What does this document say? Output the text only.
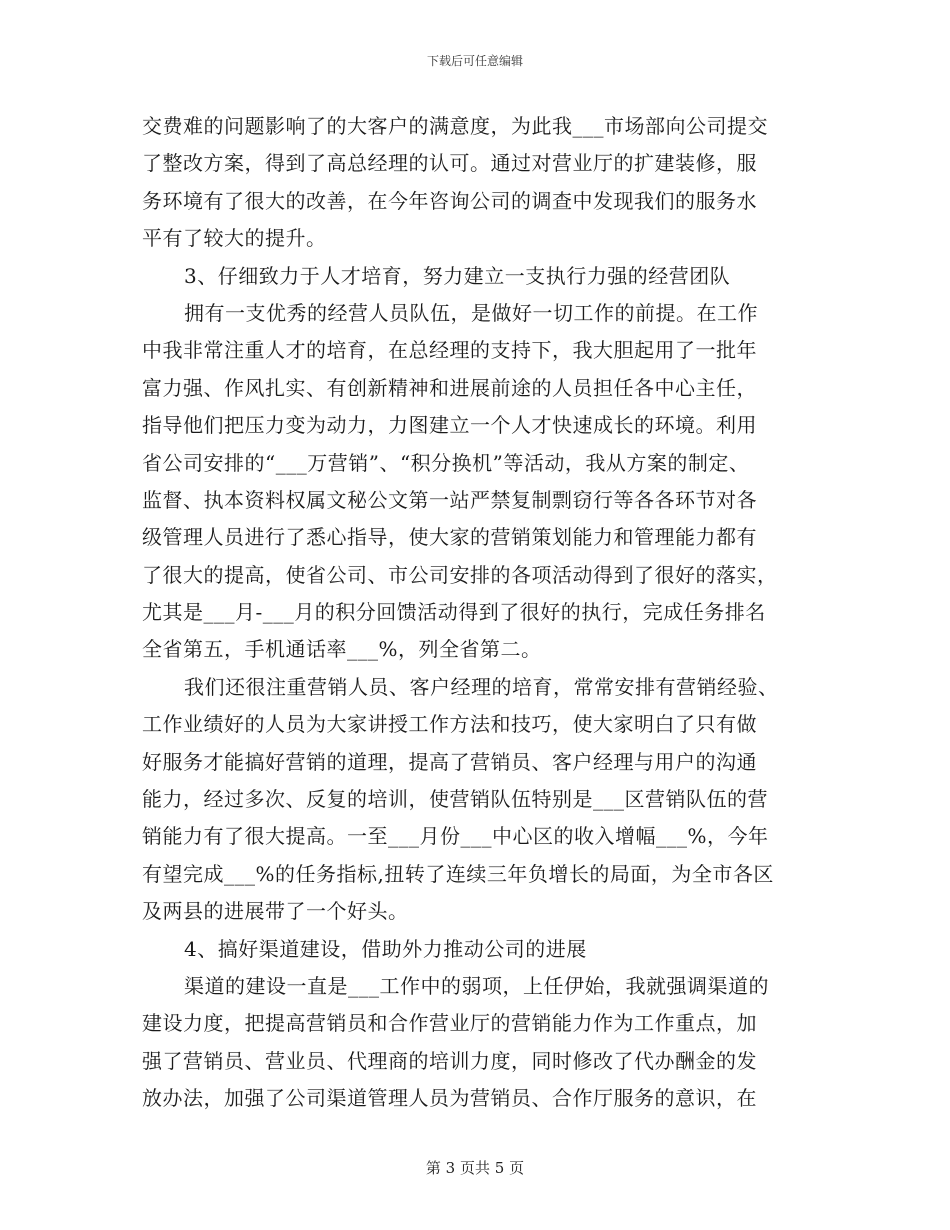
下载后可任意编辑
交费难的问题影响了的大客户的满意度，为此我___市场部向公司提交
了整改方案，得到了高总经理的认可。通过对营业厅的扩建装修，服
务环境有了很大的改善，在今年咨询公司的调查中发现我们的服务水
平有了较大的提升。
3、仔细致力于人才培育，努力建立一支执行力强的经营团队
拥有一支优秀的经营人员队伍，是做好一切工作的前提。在工作
中我非常注重人才的培育，在总经理的支持下，我大胆起用了一批年
富力强、作风扎实、有创新精神和进展前途的人员担任各中心主任，
指导他们把压力变为动力，力图建立一个人才快速成长的环境。利用
省公司安排的“___万营销”、“积分换机”等活动，我从方案的制定、
监督、执本资料权属文秘公文第一站严禁复制剽窃行等各各环节对各
级管理人员进行了悉心指导，使大家的营销策划能力和管理能力都有
了很大的提高，使省公司、市公司安排的各项活动得到了很好的落实，
尤其是___月-___月的积分回馈活动得到了很好的执行，完成任务排名
全省第五，手机通话率___%，列全省第二。
我们还很注重营销人员、客户经理的培育，常常安排有营销经验、
工作业绩好的人员为大家讲授工作方法和技巧，使大家明白了只有做
好服务才能搞好营销的道理，提高了营销员、客户经理与用户的沟通
能力，经过多次、反复的培训，使营销队伍特别是___区营销队伍的营
销能力有了很大提高。一至___月份___中心区的收入增幅___%，今年
有望完成___%的任务指标,扭转了连续三年负增长的局面，为全市各区
及两县的进展带了一个好头。
4、搞好渠道建设，借助外力推动公司的进展
渠道的建设一直是___工作中的弱项，上任伊始，我就强调渠道的
建设力度，把提高营销员和合作营业厅的营销能力作为工作重点，加
强了营销员、营业员、代理商的培训力度，同时修改了代办酬金的发
放办法，加强了公司渠道管理人员为营销员、合作厅服务的意识，在
第 3 页共 5 页
